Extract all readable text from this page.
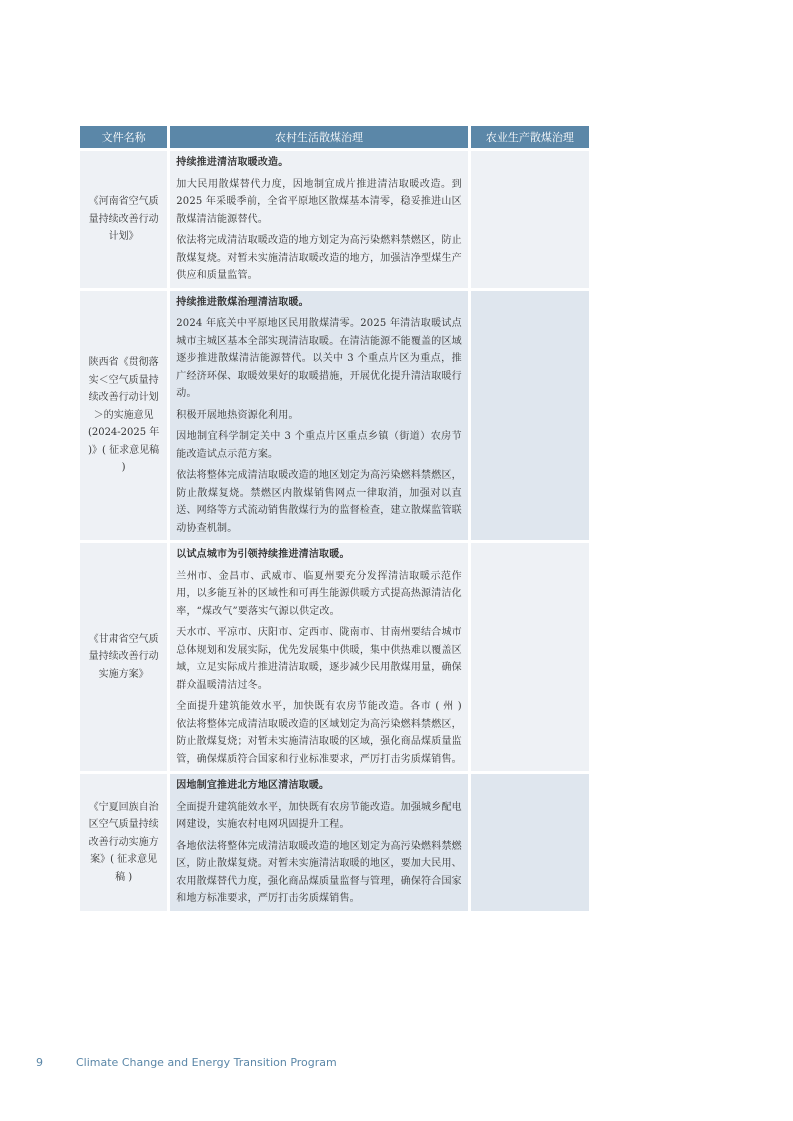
文件名称	农村生活散煤治理	农业生产散煤治理
《河南省空气质量持续改善行动计划》	持续推进清洁取暖改造。
加大民用散煤替代力度，因地制宜成片推进清洁取暖改造。到 2025 年采暖季前，全省平原地区散煤基本清零，稳妥推进山区散煤清洁能源替代。
依法将完成清洁取暖改造的地方划定为高污染燃料禁燃区，防止散煤复烧。对暂未实施清洁取暖改造的地方，加强洁净型煤生产供应和质量监管。	

陕西省《贯彻落实＜空气质量持续改善行动计划＞的实施意见 (2024-2025 年 )》( 征求意见稿 )	持续推进散煤治理清洁取暖。
2024 年底关中平原地区民用散煤清零。2025 年清洁取暖试点城市主城区基本全部实现清洁取暖。在清洁能源不能覆盖的区域逐步推进散煤清洁能源替代。以关中 3 个重点片区为重点，推广经济环保、取暖效果好的取暖措施，开展优化提升清洁取暖行动。
积极开展地热资源化利用。
因地制宜科学制定关中 3 个重点片区重点乡镇（街道）农房节能改造试点示范方案。
依法将整体完成清洁取暖改造的地区划定为高污染燃料禁燃区，防止散煤复烧。禁燃区内散煤销售网点一律取消，加强对以直送、网络等方式流动销售散煤行为的监督检查，建立散煤监管联动协查机制。	

《甘肃省空气质量持续改善行动实施方案》	以试点城市为引领持续推进清洁取暖。
兰州市、金昌市、武威市、临夏州要充分发挥清洁取暖示范作用，以多能互补的区域性和可再生能源供暖方式提高热源清洁化率，“煤改气”要落实气源以供定改。
天水市、平凉市、庆阳市、定西市、陇南市、甘南州要结合城市总体规划和发展实际，优先发展集中供暖，集中供热难以覆盖区域，立足实际成片推进清洁取暖，逐步减少民用散煤用量，确保群众温暖清洁过冬。
全面提升建筑能效水平，加快既有农房节能改造。各市 ( 州 ) 依法将整体完成清洁取暖改造的区域划定为高污染燃料禁燃区，防止散煤复烧；对暂未实施清洁取暖的区域，强化商品煤质量监管，确保煤质符合国家和行业标准要求，严厉打击劣质煤销售。	

《宁夏回族自治区空气质量持续改善行动实施方案》( 征求意见稿 )	因地制宜推进北方地区清洁取暖。
全面提升建筑能效水平，加快既有农房节能改造。加强城乡配电网建设，实施农村电网巩固提升工程。
各地依法将整体完成清洁取暖改造的地区划定为高污染燃料禁燃区，防止散煤复烧。对暂未实施清洁取暖的地区，要加大民用、农用散煤替代力度，强化商品煤质量监督与管理，确保符合国家和地方标准要求，严厉打击劣质煤销售。	

9	Climate Change and Energy Transition Program
